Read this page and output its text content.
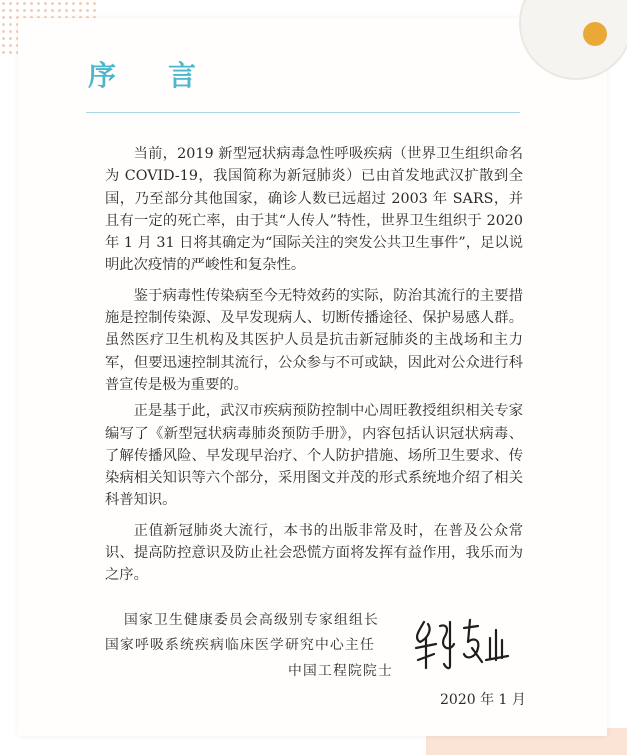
序 言

当前，2019 新型冠状病毒急性呼吸疾病（世界卫生组织命名为 COVID-19，我国简称为新冠肺炎）已由首发地武汉扩散到全国，乃至部分其他国家，确诊人数已远超过 2003 年 SARS，并且有一定的死亡率，由于其“人传人”特性，世界卫生组织于 2020 年 1 月 31 日将其确定为“国际关注的突发公共卫生事件”，足以说明此次疫情的严峻性和复杂性。

鉴于病毒性传染病至今无特效药的实际，防治其流行的主要措施是控制传染源、及早发现病人、切断传播途径、保护易感人群。虽然医疗卫生机构及其医护人员是抗击新冠肺炎的主战场和主力军，但要迅速控制其流行，公众参与不可或缺，因此对公众进行科普宣传是极为重要的。

正是基于此，武汉市疾病预防控制中心周旺教授组织相关专家编写了《新型冠状病毒肺炎预防手册》，内容包括认识冠状病毒、了解传播风险、早发现早治疗、个人防护措施、场所卫生要求、传染病相关知识等六个部分，采用图文并茂的形式系统地介绍了相关科普知识。

正值新冠肺炎大流行，本书的出版非常及时，在普及公众常识、提高防控意识及防止社会恐慌方面将发挥有益作用，我乐而为之序。

国家卫生健康委员会高级别专家组组长
国家呼吸系统疾病临床医学研究中心主任
中国工程院院士
2020 年 1 月
